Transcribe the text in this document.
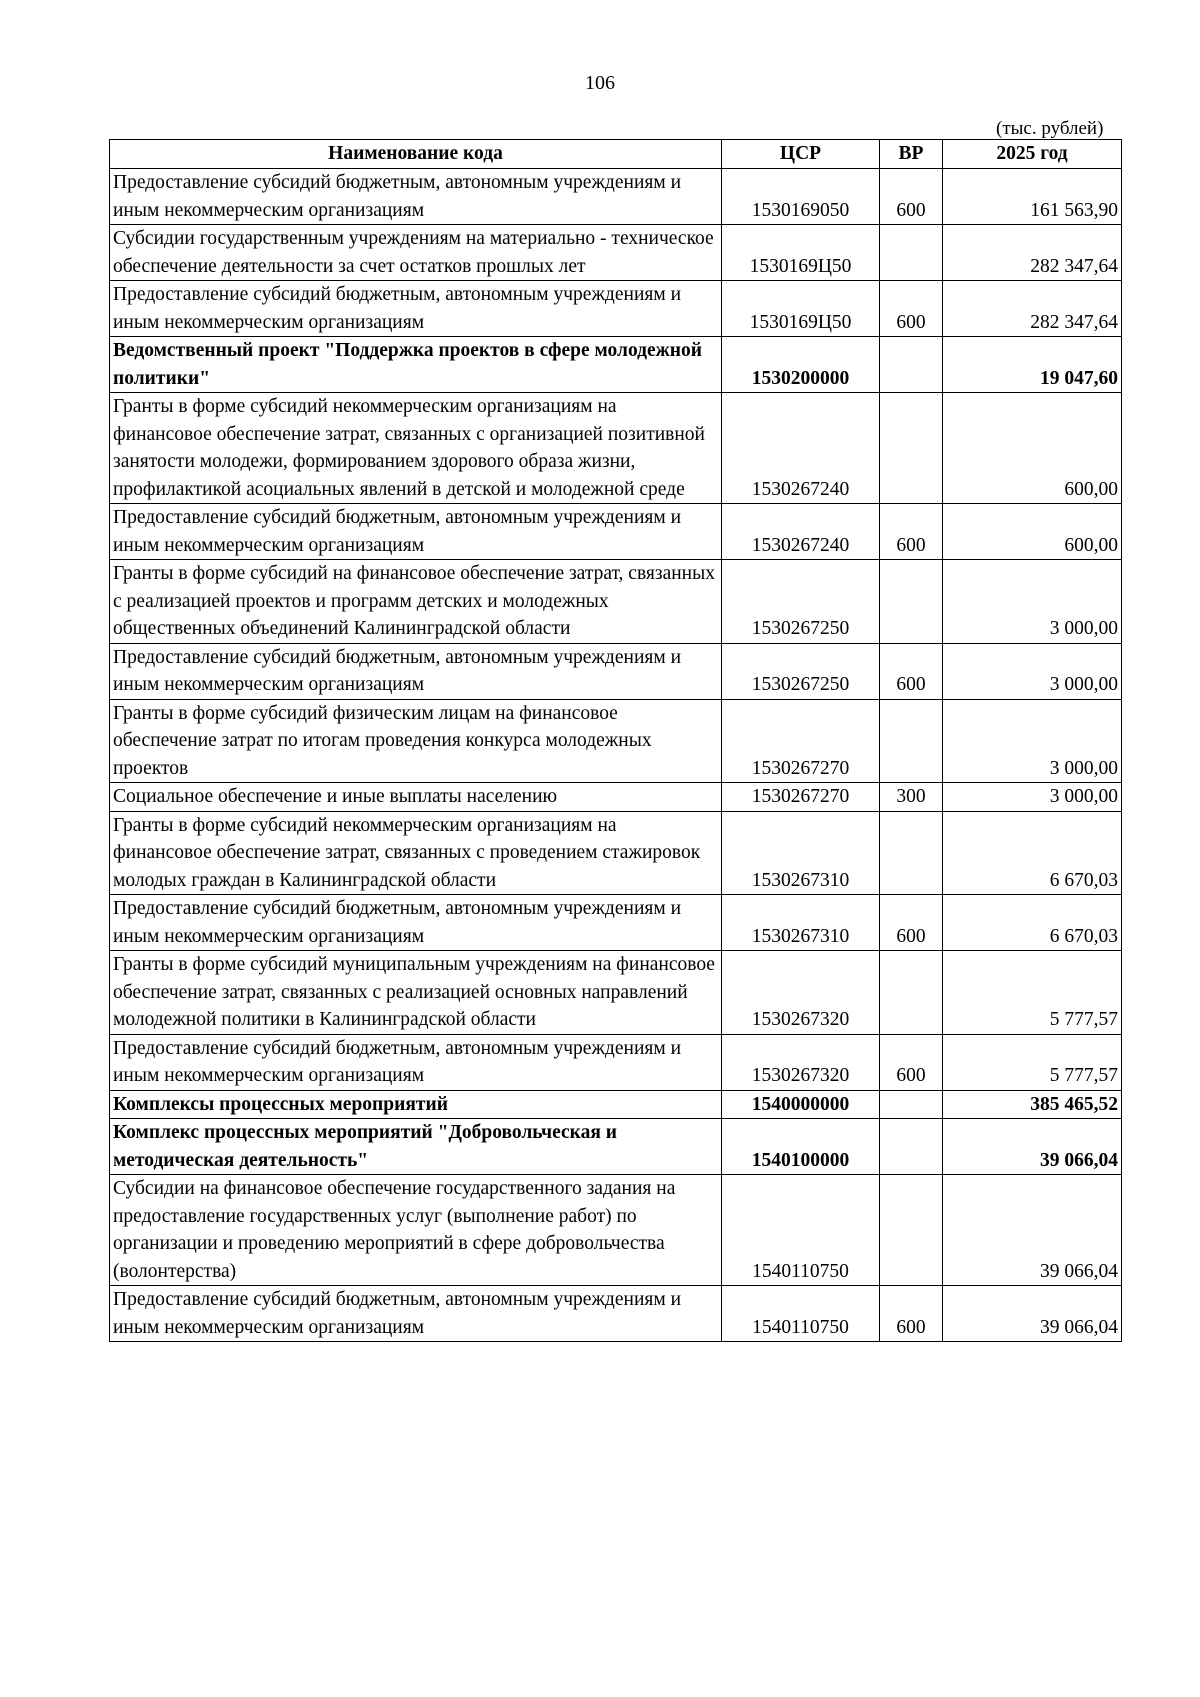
106
(тыс. рублей)
Наименование кода	ЦСР	ВР	2025 год
Предоставление субсидий бюджетным, автономным учреждениям и иным некоммерческим организациям	1530169050	600	161 563,90
Субсидии государственным учреждениям на материально - техническое обеспечение деятельности за счет остатков прошлых лет	1530169Ц50		282 347,64
Предоставление субсидий бюджетным, автономным учреждениям и иным некоммерческим организациям	1530169Ц50	600	282 347,64
Ведомственный проект "Поддержка проектов в сфере молодежной политики"	1530200000		19 047,60
Гранты в форме субсидий некоммерческим организациям на финансовое обеспечение затрат, связанных с организацией позитивной занятости молодежи, формированием здорового образа жизни, профилактикой асоциальных явлений в детской и молодежной среде	1530267240		600,00
Предоставление субсидий бюджетным, автономным учреждениям и иным некоммерческим организациям	1530267240	600	600,00
Гранты в форме субсидий на финансовое обеспечение затрат, связанных с реализацией проектов и программ детских и молодежных общественных объединений Калининградской области	1530267250		3 000,00
Предоставление субсидий бюджетным, автономным учреждениям и иным некоммерческим организациям	1530267250	600	3 000,00
Гранты в форме субсидий физическим лицам на финансовое обеспечение затрат по итогам проведения конкурса молодежных проектов	1530267270		3 000,00
Социальное обеспечение и иные выплаты населению	1530267270	300	3 000,00
Гранты в форме субсидий некоммерческим организациям на финансовое обеспечение затрат, связанных с проведением стажировок молодых граждан в Калининградской области	1530267310		6 670,03
Предоставление субсидий бюджетным, автономным учреждениям и иным некоммерческим организациям	1530267310	600	6 670,03
Гранты в форме субсидий муниципальным учреждениям на финансовое обеспечение затрат, связанных с реализацией основных направлений молодежной политики в Калининградской области	1530267320		5 777,57
Предоставление субсидий бюджетным, автономным учреждениям и иным некоммерческим организациям	1530267320	600	5 777,57
Комплексы процессных мероприятий	1540000000		385 465,52
Комплекс процессных мероприятий "Добровольческая и методическая деятельность"	1540100000		39 066,04
Субсидии на финансовое обеспечение государственного задания на предоставление государственных услуг (выполнение работ) по организации и проведению мероприятий в сфере добровольчества (волонтерства)	1540110750		39 066,04
Предоставление субсидий бюджетным, автономным учреждениям и иным некоммерческим организациям	1540110750	600	39 066,04
